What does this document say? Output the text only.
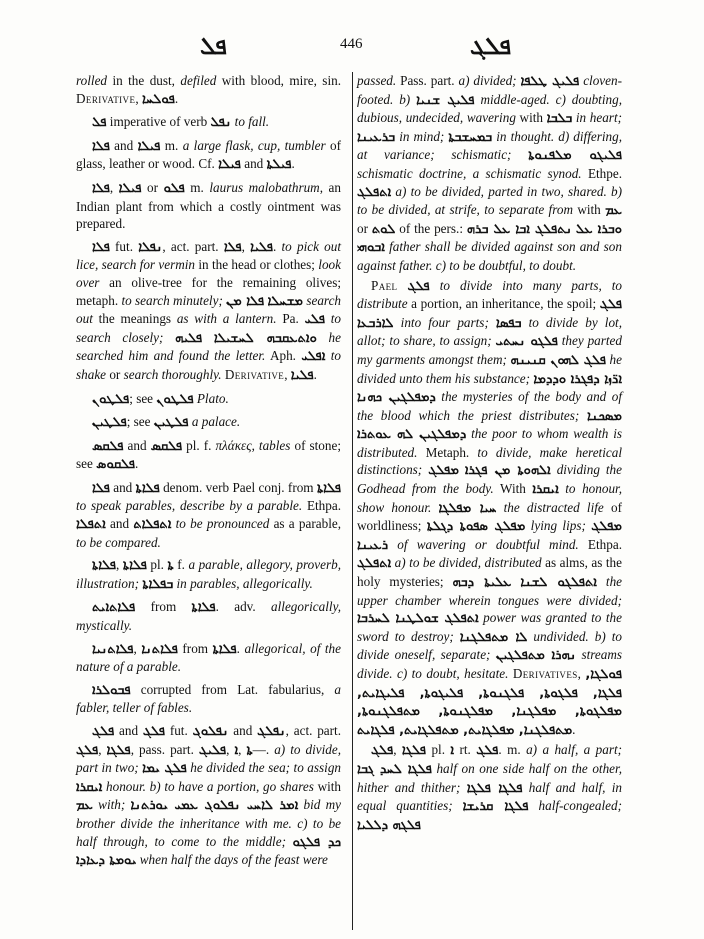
ܦܠ	446	ܦܠܓ

rolled in the dust, defiled with blood, mire, sin. Derivative, ܦܘܠܚܐ.

ܦܠ imperative of verb ܢܦܠ to fall.

ܦܠܐ and ܦܝܠܐ m. a large flask, cup, tumbler of glass, leather or wood. Cf. ܦܝܠܐ and ܦܝܠܬܐ.

ܦܠܐ, ܦܝܠܐ or ܦܠܘ m. laurus malobathrum, an Indian plant from which a costly ointment was prepared.

ܦܠܐ fut. ܢܦܠܐ, act. part. ܦܠܐ, ܦܠܝܐ. to pick out lice, search for vermin in the head or clothes; look over an olive-tree for the remaining olives; metaph. to search minutely; ܦܠܐ ܡܢ ܡܫܚܠܐ search out the meanings as with a lantern. Pa. ܦܠܝ to search closely; ܦܠܝܗ ܘܐܬܥܩܒܗ ܠܚܫܝܠܐ he searched him and found the letter. Aph. ܐܦܠܝ to shake or search thoroughly. Derivative, ܦܠܝܐ.

ܦܠܛܘܢ; see ܦܠܛܘܢ Plato.

ܦܠܛܝܢ; see ܦܠܛܝܢ a palace.

ܦܠܩܣ and ܦܠܩܣ pl. f. πλάκες, tables of stone; see ܦܠܩܘܣ.

ܦܠܐ and ܦܠܐܬܐ denom. verb Pael conj. from ܦܠܐܬܐ to speak parables, describe by a parable. Ethpa. ܐܬܦܠܐ and ܐܬܦܠܐܬ to be pronounced as a parable, to be compared.

ܦܠܐܬܐ, ܦܠܐܬܐ pl. ܬܐ f. a parable, allegory, proverb, illustration; ܒܦܠܐܬܐ in parables, allegorically.

ܦܠܐܬܐܝܬ from ܦܠܐܬܐ. adv. allegorically, mystically.

ܦܠܐܬܢܝܐ, ܦܠܐܬܢܐ from ܦܠܐܬܐ. allegorical, of the nature of a parable.

ܦܒܘܠܪܐ corrupted from Lat. fabularius, a fabler, teller of fables.

ܦܠܓ and ܦܠܓ fut. ܢܦܠܘܓ and ܢܦܠܓ, act. part. ܦܠܓ, ܦܠܓܐ, pass. part. ܦܠܝܓ, ܐ, ܬܐ—. a) to divide, part in two; ܦܠܓ ܝܡܐ he divided the sea; to assign ܐܝܩܪܐ honour. b) to have a portion, go shares with ܥܡ with; ܐܡܪ ܠܐܚܝ ܢܦܠܘܓ ܥܡܝ ܝܘܪܬܢܐ bid my brother divide the inheritance with me. c) to be half through, to come to the middle; ܟܕ ܦܠܓܘ ܝܘܡܬܐ ܕܥܐܕܐ when half the days of the feast were

passed. Pass. part. a) divided; ܦܠܝܓ ܛܠܦܐ cloven-footed. b) ܦܠܝܓ ܫܢܝܐ middle-aged. c) doubting, dubious, undecided, wavering with ܒܠܒܐ in heart; ܒܪܥܝܢܐ in mind; ܒܡܚܫܒܬܐ in thought. d) differing, at variance; schismatic; ܦܠܝܓܘ ܡܠܦܢܘܬܐ schismatic doctrine, a schismatic synod. Ethpe. ܐܬܦܠܓ a) to be divided, parted in two, shared. b) to be divided, at strife, to separate from with ܥܡ or ܠܘܬ of the pers.: ܢܬܦܠܓ ܐܒܐ ܥܠ ܒܪܗ ܘܒܪܐ ܥܠ ܐܒܘܗܝ father shall be divided against son and son against father. c) to be doubtful, to doubt.

Pael ܦܠܓ to divide into many parts, to distribute a portion, an inheritance, the spoil; ܦܠܓ ܠܐܪܒܥܐ into four parts; ܒܦܣܐ to divide by lot, allot; to share, to assign; ܦܠܓܘ ܢܚܬܝ they parted my garments amongst them; ܦܠܓ ܠܗܘܢ ܩܢܝܢܗ he divided unto them his substance; ܐܪ̈ܙܐ ܕܦܓܪܐ ܘܕܕܡܐ ܕܡܦܠܓܝܢ ܟܗܢܐ the mysteries of the body and of the blood which the priest distributes; ܡܣܟܢܐ ܕܡܦܠܓܝܢ ܠܗ ܥܘܬܪܐ the poor to whom wealth is distributed. Metaph. to divide, make heretical distinctions; ܡܦܠܓ ܐܠܗܘܬܐ ܡܢ ܦܓܪܐ dividing the Godhead from the body. With ܐܝܩܪܐ to honour, show honour. ܚܝܐ ܡܦܠܓܐ the distracted life of worldliness; ܡܦܠܓ ܣܦܘܬܐ ܕܓܠܬܐ lying lips; ܡܦܠܓ ܪܥܝܢܐ of wavering or doubtful mind. Ethpa. ܐܬܦܠܓ a) to be divided, distributed as alms, as the holy mysteries; ܥܠܝܬܐ ܕܒܗ ܐܬܦܠܓܘ ܠܫܢܐ the upper chamber wherein tongues were divided; ܐܬܦܠܓ ܫܘܠܛܢܐ ܠܚܪܒܐ power was granted to the sword to destroy; ܠܐ ܡܬܦܠܓܢܐ undivided. b) to divide oneself, separate; ܢܗܪܐ ܡܬܦܠܓܝܢ streams divide. c) to doubt, hesitate. Derivatives, ܦܘܠܓܐ, ܦܠܓܐ, ܦܠܓܘܬܐ, ܦܠܓܢܘܬܐ, ܦܠܝܓܘܬܐ, ܦܠܝܓܐܝܬ, ܡܦܠܓܘܬܐ, ܡܦܠܓܢܐ, ܡܦܠܓܢܘܬܐ, ܡܬܦܠܓܢܘܬܐ, ܡܬܦܠܓܢܐ, ܡܦܠܓܐܝܬ, ܡܬܦܠܓܐܝܬ, ܦܠܓܐܝܬ.

ܦܠܓ, ܦܠܓܐ pl. ܐ rt. ܦܠܓ. m. a) a half, a part; ܦܠܓܐ ܠܚܕ ܓܒܐ half on one side half on the other, hither and thither; ܦܠܓܐ ܦܠܓܐ half and half, in equal quantities; ܦܠܓܐ ܩܪܝܫܐ half-congealed; ܦܠܓܗ ܕܠܠܝܐ
